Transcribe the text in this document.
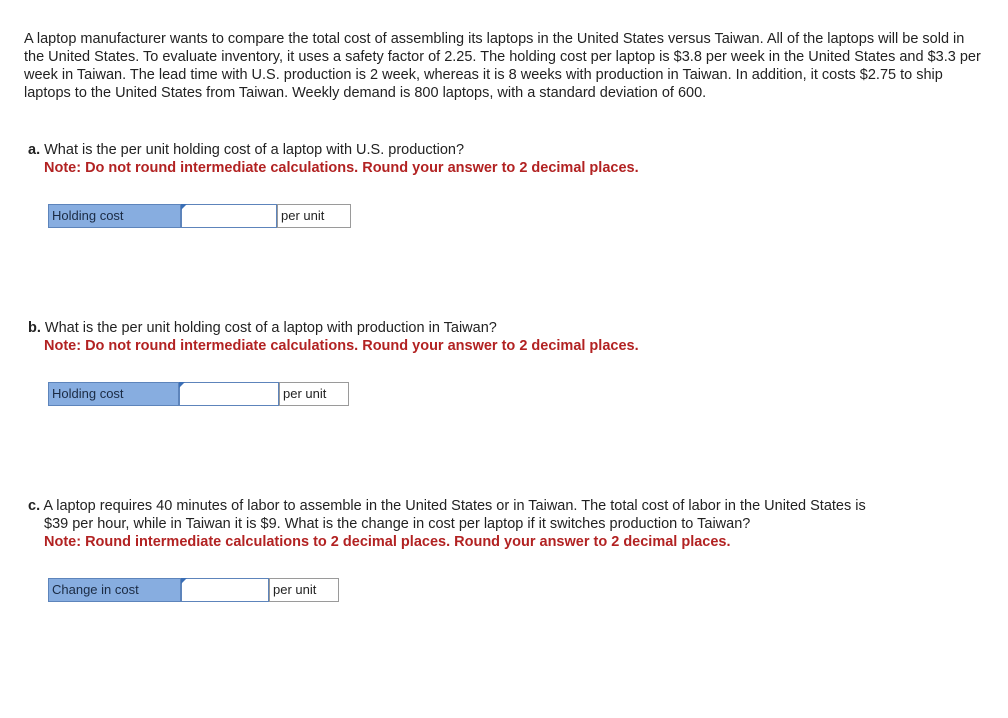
A laptop manufacturer wants to compare the total cost of assembling its laptops in the United States versus Taiwan. All of the laptops will be sold in the United States. To evaluate inventory, it uses a safety factor of 2.25. The holding cost per laptop is $3.8 per week in the United States and $3.3 per week in Taiwan. The lead time with U.S. production is 2 week, whereas it is 8 weeks with production in Taiwan. In addition, it costs $2.75 to ship laptops to the United States from Taiwan. Weekly demand is 800 laptops, with a standard deviation of 600.

a. What is the per unit holding cost of a laptop with U.S. production?

Note: Do not round intermediate calculations. Round your answer to 2 decimal places.

Holding cost	per unit

b. What is the per unit holding cost of a laptop with production in Taiwan?

Note: Do not round intermediate calculations. Round your answer to 2 decimal places.

Holding cost	per unit

c. A laptop requires 40 minutes of labor to assemble in the United States or in Taiwan. The total cost of labor in the United States is

$39 per hour, while in Taiwan it is $9. What is the change in cost per laptop if it switches production to Taiwan?

Note: Round intermediate calculations to 2 decimal places. Round your answer to 2 decimal places.

Change in cost	per unit
